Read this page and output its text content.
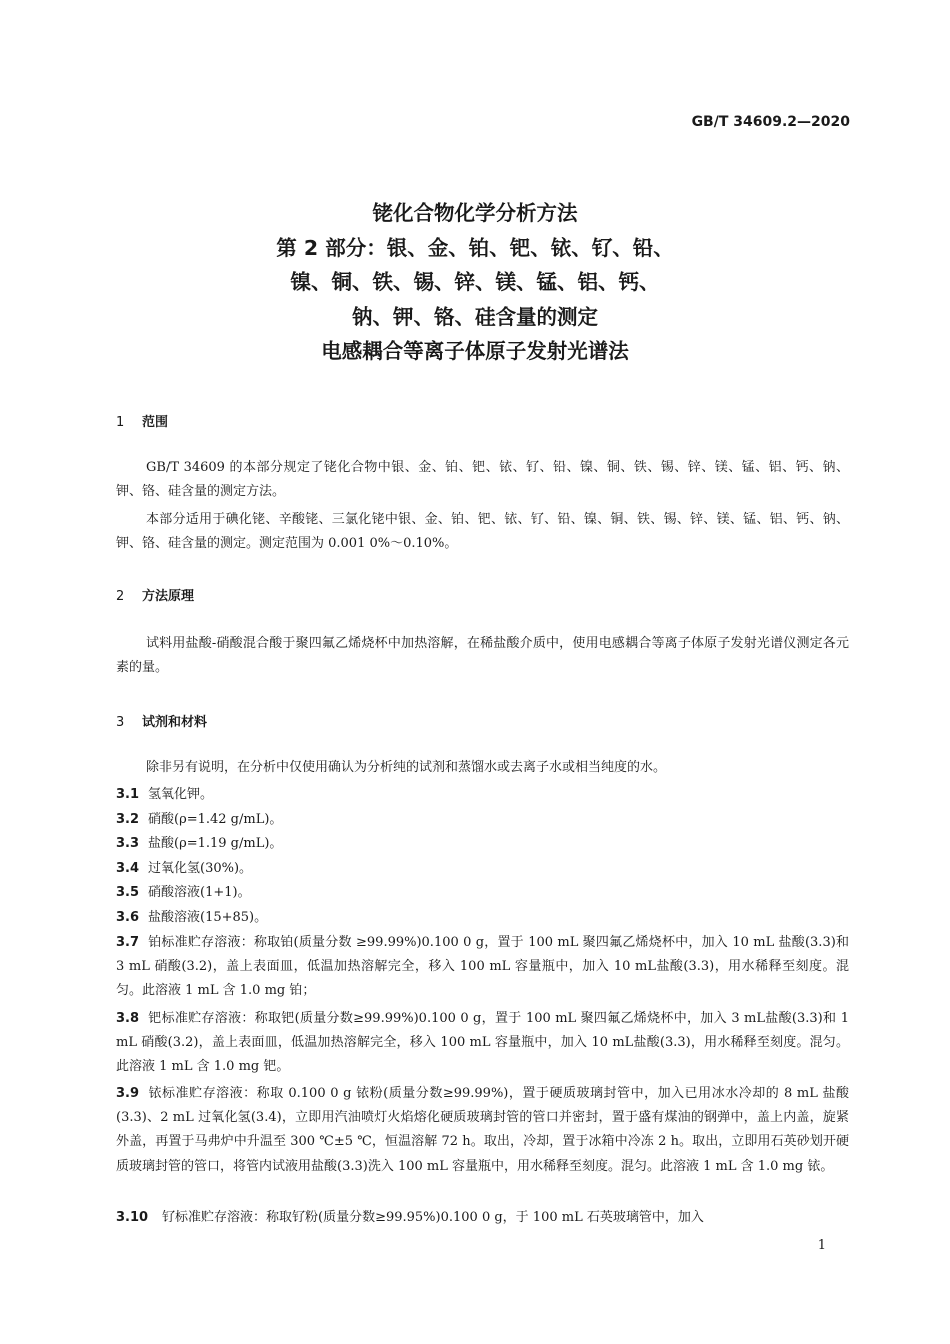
GB/T 34609.2—2020
铑化合物化学分析方法
第 2 部分：银、金、铂、钯、铱、钌、铅、
镍、铜、铁、锡、锌、镁、锰、铝、钙、
钠、钾、铬、硅含量的测定
电感耦合等离子体原子发射光谱法
1 范围
GB/T 34609 的本部分规定了铑化合物中银、金、铂、钯、铱、钌、铅、镍、铜、铁、锡、锌、镁、锰、铝、钙、钠、钾、铬、硅含量的测定方法。
本部分适用于碘化铑、辛酸铑、三氯化铑中银、金、铂、钯、铱、钌、铅、镍、铜、铁、锡、锌、镁、锰、铝、钙、钠、钾、铬、硅含量的测定。测定范围为 0.001 0%～0.10%。
2 方法原理
试料用盐酸-硝酸混合酸于聚四氟乙烯烧杯中加热溶解，在稀盐酸介质中，使用电感耦合等离子体原子发射光谱仪测定各元素的量。
3 试剂和材料
除非另有说明，在分析中仅使用确认为分析纯的试剂和蒸馏水或去离子水或相当纯度的水。
3.1 氢氧化钾。
3.2 硝酸(ρ=1.42 g/mL)。
3.3 盐酸(ρ=1.19 g/mL)。
3.4 过氧化氢(30%)。
3.5 硝酸溶液(1+1)。
3.6 盐酸溶液(15+85)。
3.7 铂标准贮存溶液：称取铂(质量分数 ≥99.99%)0.100 0 g，置于 100 mL 聚四氟乙烯烧杯中，加入 10 mL 盐酸(3.3)和 3 mL 硝酸(3.2)，盖上表面皿，低温加热溶解完全，移入 100 mL 容量瓶中，加入 10 mL盐酸(3.3)，用水稀释至刻度。混匀。此溶液 1 mL 含 1.0 mg 铂；
3.8 钯标准贮存溶液：称取钯(质量分数≥99.99%)0.100 0 g，置于 100 mL 聚四氟乙烯烧杯中，加入 3 mL盐酸(3.3)和 1 mL 硝酸(3.2)，盖上表面皿，低温加热溶解完全，移入 100 mL 容量瓶中，加入 10 mL盐酸(3.3)，用水稀释至刻度。混匀。此溶液 1 mL 含 1.0 mg 钯。
3.9 铱标准贮存溶液：称取 0.100 0 g 铱粉(质量分数≥99.99%)，置于硬质玻璃封管中，加入已用冰水冷却的 8 mL 盐酸(3.3)、2 mL 过氧化氢(3.4)，立即用汽油喷灯火焰熔化硬质玻璃封管的管口并密封，置于盛有煤油的钢弹中，盖上内盖，旋紧外盖，再置于马弗炉中升温至 300 ℃±5 ℃，恒温溶解 72 h。取出，冷却，置于冰箱中冷冻 2 h。取出，立即用石英砂划开硬质玻璃封管的管口，将管内试液用盐酸(3.3)洗入 100 mL 容量瓶中，用水稀释至刻度。混匀。此溶液 1 mL 含 1.0 mg 铱。
3.10 钌标准贮存溶液：称取钌粉(质量分数≥99.95%)0.100 0 g，于 100 mL 石英玻璃管中，加入
1
